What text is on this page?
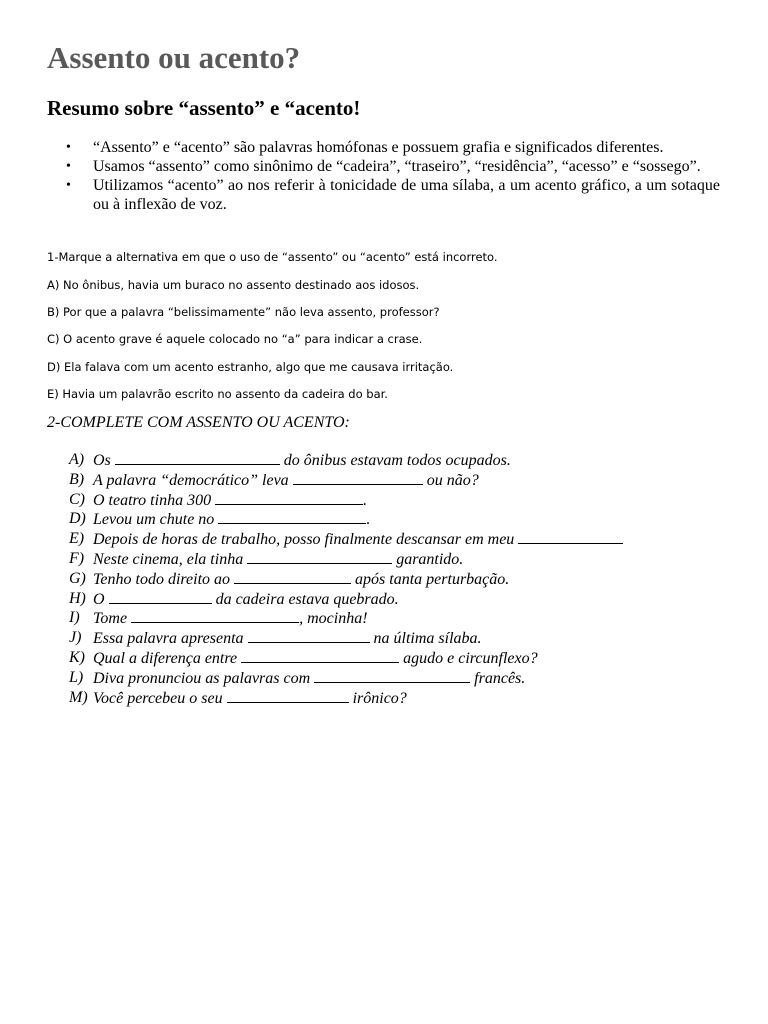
Assento ou acento?
Resumo sobre “assento” e “acento!
• “Assento” e “acento” são palavras homófonas e possuem grafia e significados diferentes.
• Usamos “assento” como sinônimo de “cadeira”, “traseiro”, “residência”, “acesso” e “sossego”.
• Utilizamos “acento” ao nos referir à tonicidade de uma sílaba, a um acento gráfico, a um sotaque ou à inflexão de voz.
1-Marque a alternativa em que o uso de “assento” ou “acento” está incorreto.
A) No ônibus, havia um buraco no assento destinado aos idosos.
B) Por que a palavra “belissimamente” não leva assento, professor?
C) O acento grave é aquele colocado no “a” para indicar a crase.
D) Ela falava com um acento estranho, algo que me causava irritação.
E) Havia um palavrão escrito no assento da cadeira do bar.
2-COMPLETE COM ASSENTO OU ACENTO:
A) Os	do ônibus estavam todos ocupados.
B) A palavra “democrático” leva	ou não?
C) O teatro tinha 300	.
D) Levou um chute no	.
E) Depois de horas de trabalho, posso finalmente descansar em meu
F) Neste cinema, ela tinha	garantido.
G) Tenho todo direito ao	após tanta perturbação.
H) O	da cadeira estava quebrado.
I) Tome	, mocinha!
J) Essa palavra apresenta	na última sílaba.
K) Qual a diferença entre	agudo e circunflexo?
L) Diva pronunciou as palavras com	francês.
M) Você percebeu o seu	irônico?
